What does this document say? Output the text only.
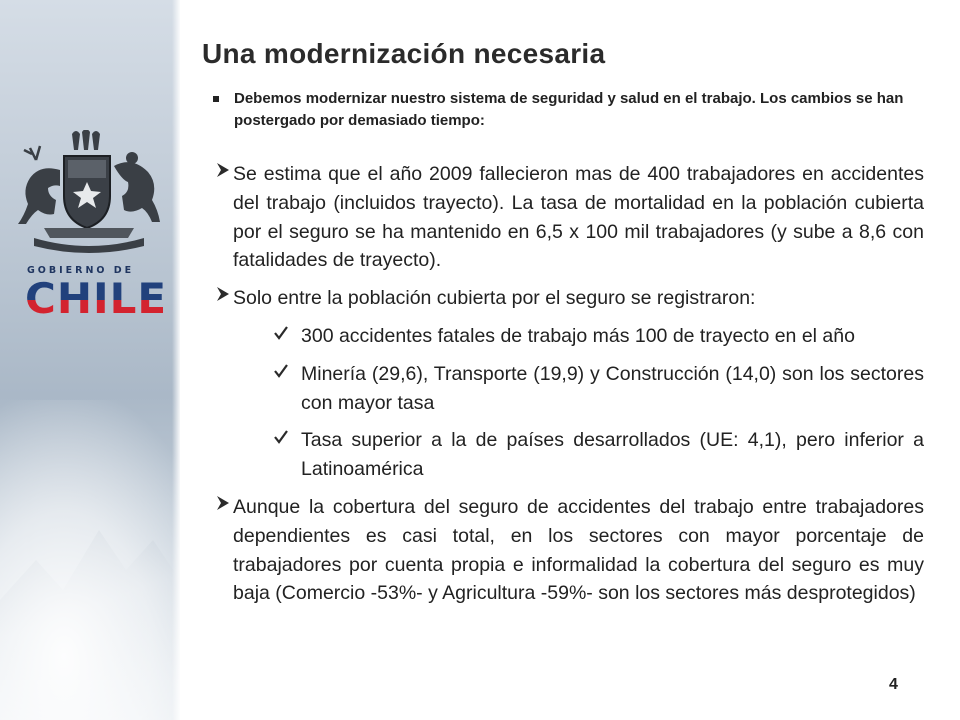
GOBIERNO DE
CHILE
Una modernización necesaria
Debemos modernizar nuestro sistema de seguridad y salud en el trabajo. Los cambios se han postergado por demasiado tiempo:
Se estima que el año 2009 fallecieron mas de 400 trabajadores en accidentes del trabajo (incluidos trayecto). La tasa de mortalidad en la población cubierta por el seguro se ha mantenido en 6,5 x 100 mil trabajadores (y sube a 8,6 con fatalidades de trayecto).
Solo entre la población cubierta por el seguro se registraron:
300 accidentes fatales de trabajo más 100 de trayecto en el año
Minería (29,6), Transporte (19,9) y Construcción (14,0) son los sectores con mayor tasa
Tasa superior a la de países desarrollados (UE: 4,1), pero inferior a Latinoamérica
Aunque la cobertura del seguro de accidentes del trabajo entre trabajadores dependientes es casi total, en los sectores con mayor porcentaje de trabajadores por cuenta propia e informalidad la cobertura del seguro es muy baja (Comercio -53%- y Agricultura -59%- son los sectores más desprotegidos)
4
